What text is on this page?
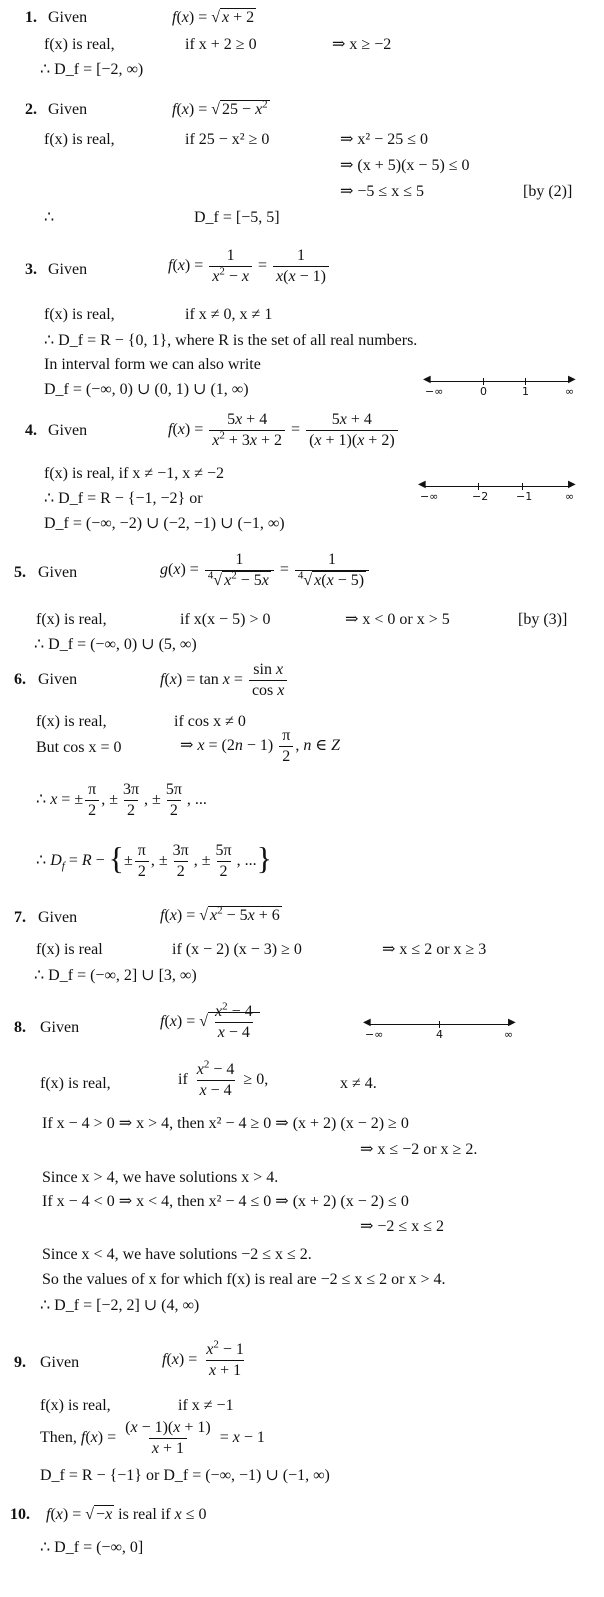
1. Given	f(x) = √ x + 2
f(x) is real,	if x + 2 ≥ 0	⇒ x ≥ −2
∴ D_f = [−2, ∞)
2. Given	f(x) = √ $25 - x^2$
f(x) is real,	if 25 − x² ≥ 0	⇒ x² − 25 ≤ 0
⇒ (x + 5)(x − 5) ≤ 0
⇒ −5 ≤ x ≤ 5	[by (2)]
∴	D_f = [−5, 5]
3. Given	$f(x) = \frac{1}{x^2 - x} = \frac{1}{x(x - 1)}$
f(x) is real,	if x ≠ 0, x ≠ 1
∴ D_f = R − {0, 1}, where R is the set of all real numbers.
In interval form we can also write
D_f = (−∞, 0) ∪ (0, 1) ∪ (1, ∞)
◀	▶
−∞	0	1	∞
4. Given	$f(x) = \frac{5x + 4}{x^2 + 3x + 2} = \frac{5x + 4}{(x + 1)(x + 2)}$
f(x) is real, if x ≠ −1, x ≠ −2
∴ D_f = R − {−1, −2} or
D_f = (−∞, −2) ∪ (−2, −1) ∪ (−1, ∞)
◀	▶
−∞	−2	−1	∞
5. Given	$g(x) = \frac{1}{^4√ x^2 - 5x} = \frac{1}{^4√ x(x - 5)}$
f(x) is real,	if x(x − 5) > 0	⇒ x < 0 or x > 5	[by (3)]
∴ D_f = (−∞, 0) ∪ (5, ∞)
6. Given	$f(x) = \tan x = \frac{\text{sin x}}{\text{cos x}}$
f(x) is real,	if cos x ≠ 0
But cos x = 0	⇒ $x = (2n - 1) \frac{\pi}{2}$ , n ∈ Z
∴ x = ± $\frac{\pi}{2}$ , ± $\frac{3\pi}{2}$ , ± $\frac{5\pi}{2}$ , ...
∴ $D_f = R$ − {± $\frac{\pi}{2}$ , ± $\frac{3\pi}{2}$ , ± $\frac{5\pi}{2}$ , ...}
7. Given	f(x) = √ $x^2 - 5x + 6$
f(x) is real	if (x − 2) (x − 3) ≥ 0	⇒ x ≤ 2 or x ≥ 3
∴ D_f = (−∞, 2] ∪ [3, ∞)
8. Given	f(x) = √ $\frac{x^2 - 4}{x - 4}$	◀	▶
−∞	4	∞
f(x) is real,	if $\frac{x^2 - 4}{x - 4} \ge 0$,	x ≠ 4.
If x − 4 > 0 ⇒ x > 4, then x² − 4 ≥ 0 ⇒ (x + 2) (x − 2) ≥ 0
⇒ x ≤ −2 or x ≥ 2.
Since x > 4, we have solutions x > 4.
If x − 4 < 0 ⇒ x < 4, then x² − 4 ≤ 0 ⇒ (x + 2) (x − 2) ≤ 0
⇒ −2 ≤ x ≤ 2
Since x < 4, we have solutions −2 ≤ x ≤ 2.
So the values of x for which f(x) is real are −2 ≤ x ≤ 2 or x > 4.
∴ D_f = [−2, 2] ∪ (4, ∞)
9. Given	$f(x) = \frac{x^2 - 1}{x + 1}$
f(x) is real,	if x ≠ −1
Then, $f(x) = \frac{(x - 1)(x + 1)}{x + 1} = x - 1$
D_f = R − {−1} or D_f = (−∞, −1) ∪ (−1, ∞)
10. f(x) = √ −x is real if x ≤ 0
∴ D_f = (−∞, 0]
